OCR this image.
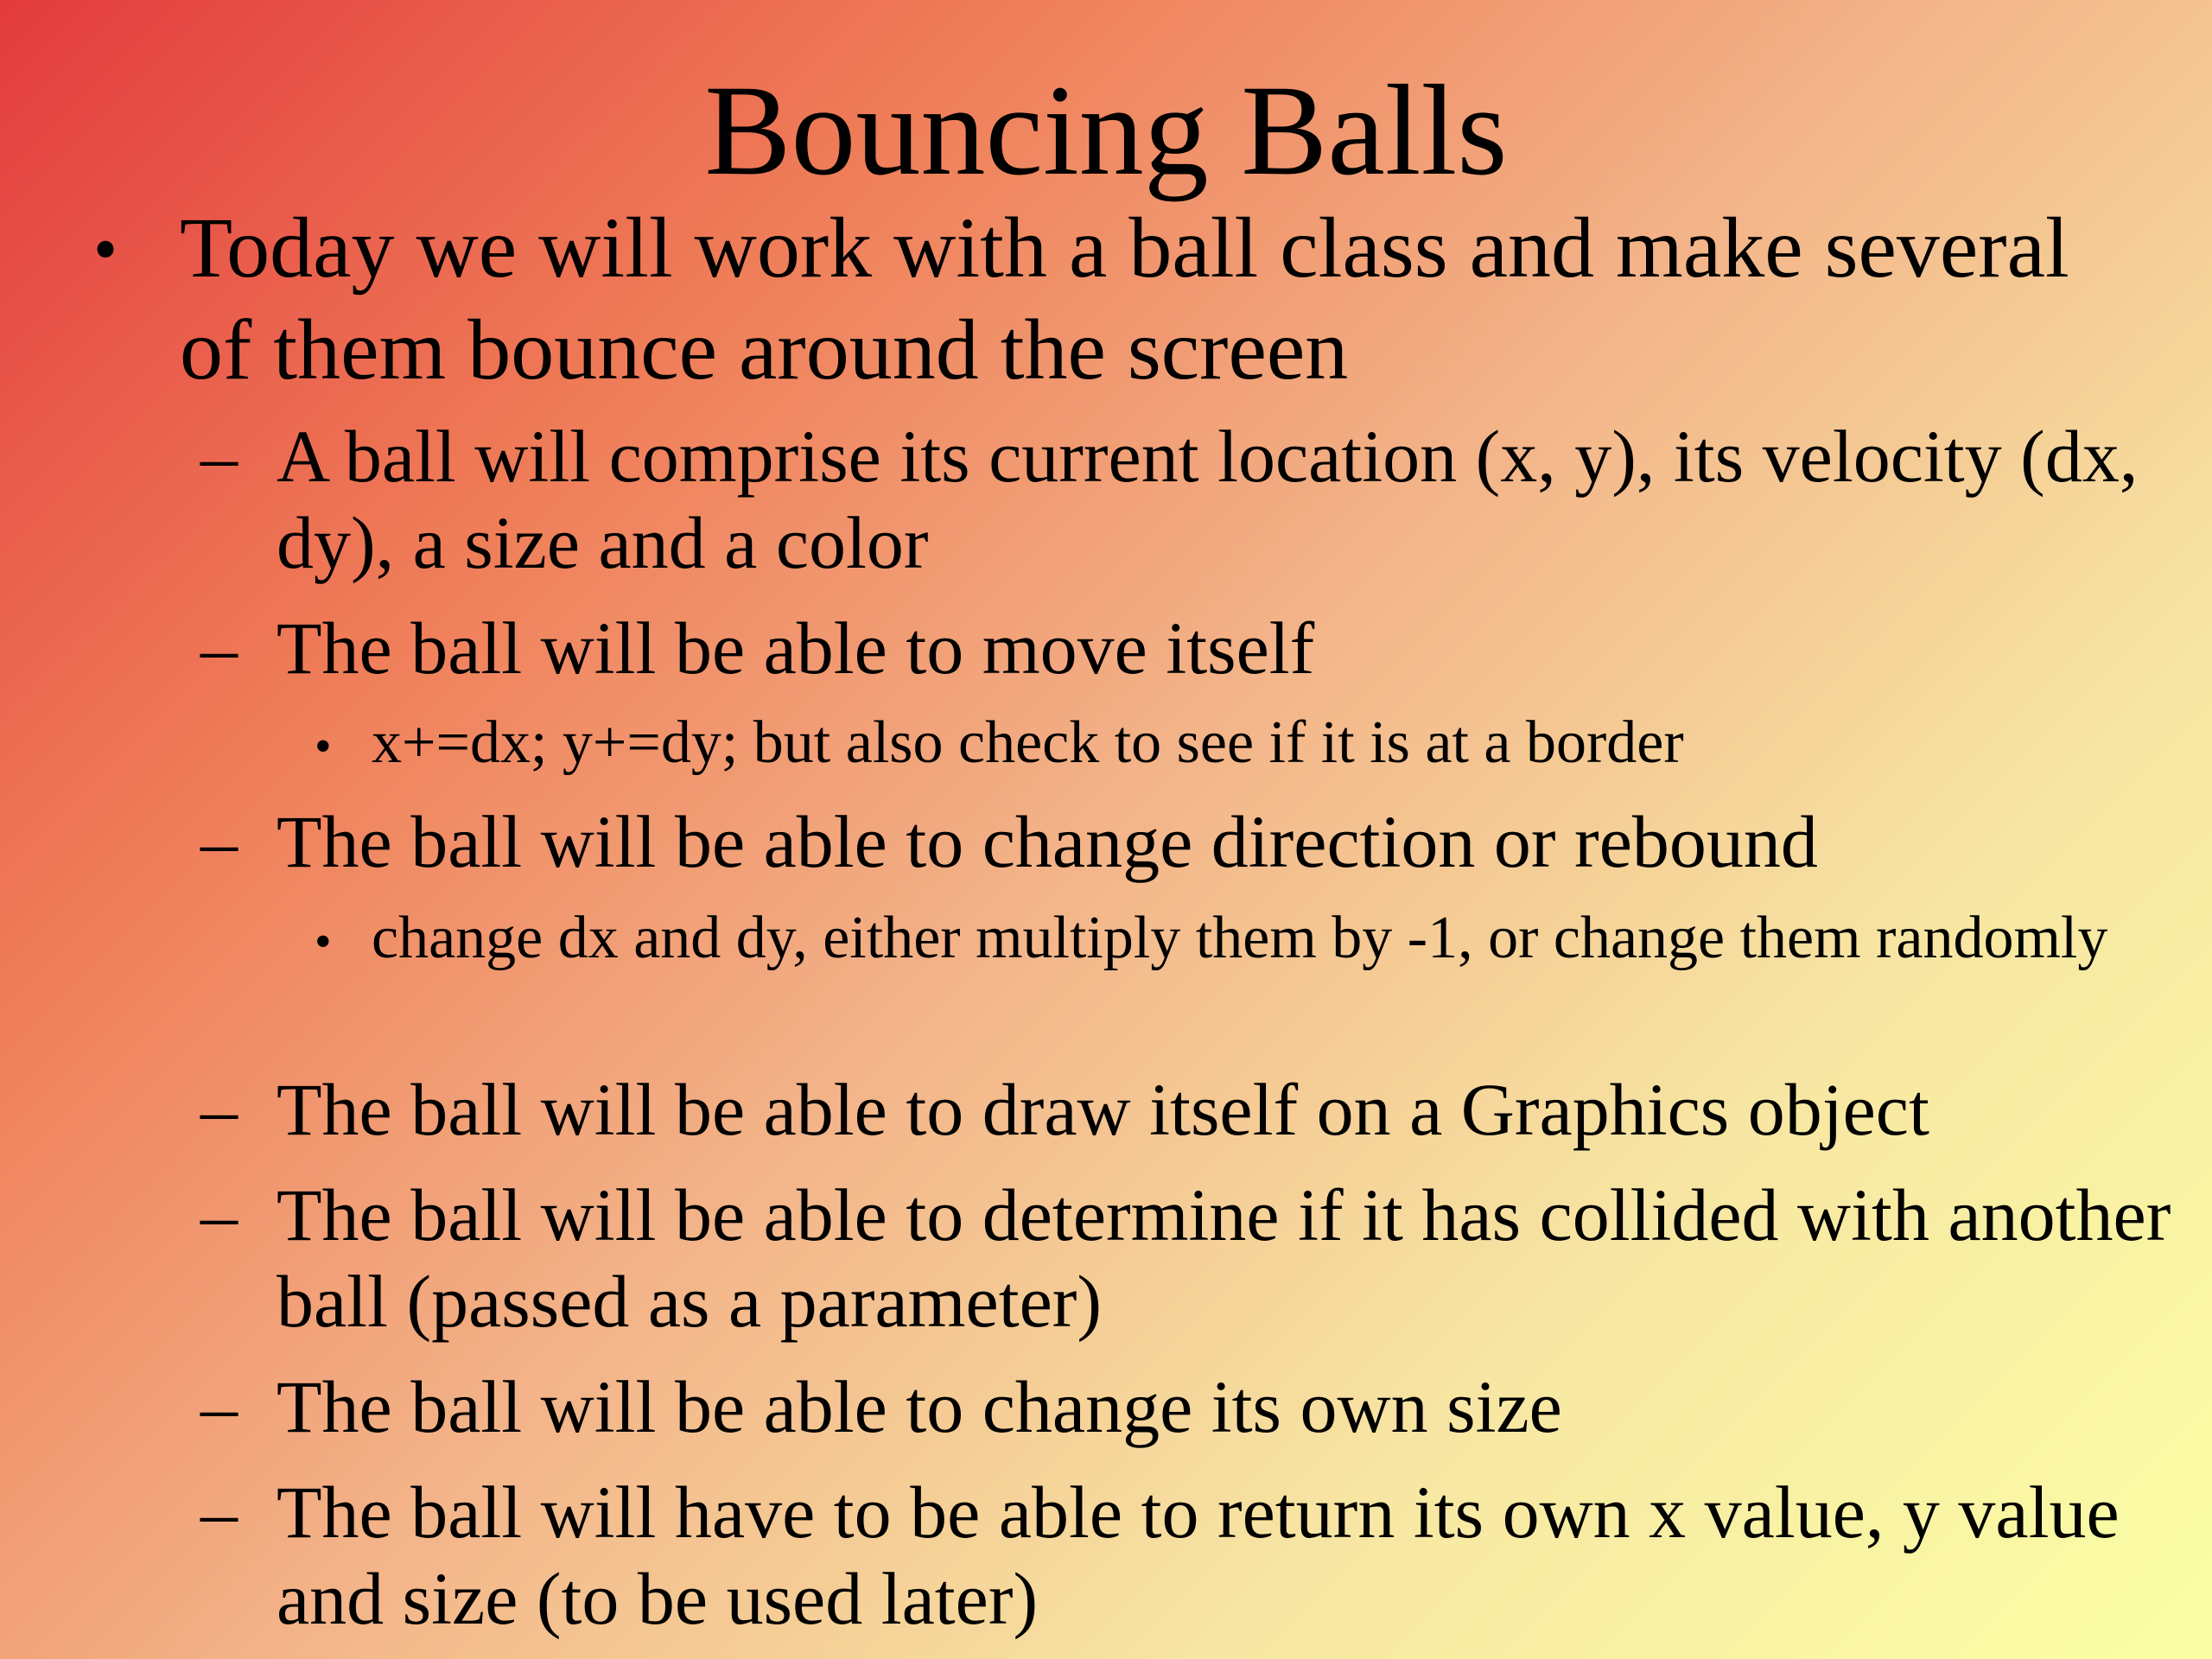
Bouncing Balls
• Today we will work with a ball class and make several of them bounce around the screen
– A ball will comprise its current location (x, y), its velocity (dx, dy), a size and a color
– The ball will be able to move itself
• x+=dx; y+=dy; but also check to see if it is at a border
– The ball will be able to change direction or rebound
• change dx and dy, either multiply them by -1, or change them randomly
– The ball will be able to draw itself on a Graphics object
– The ball will be able to determine if it has collided with another ball (passed as a parameter)
– The ball will be able to change its own size
– The ball will have to be able to return its own x value, y value and size (to be used later)
